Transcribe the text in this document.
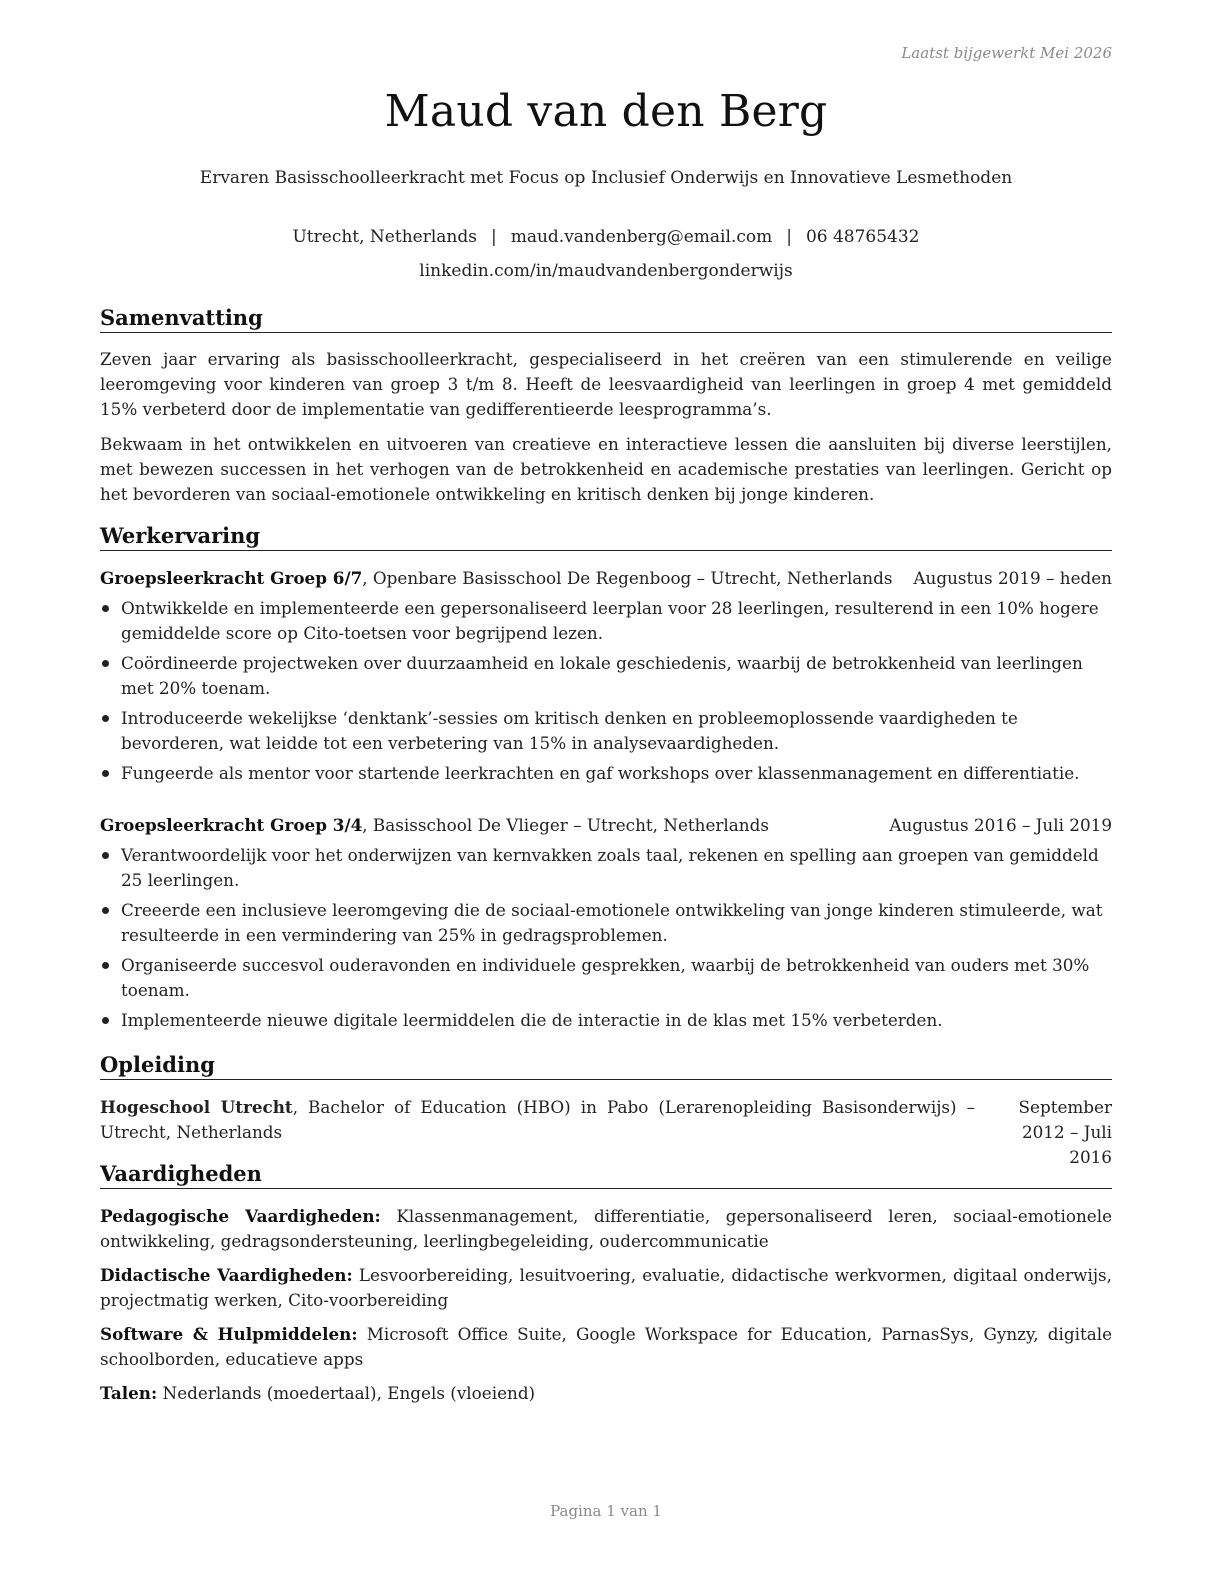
Laatst bijgewerkt Mei 2026
Maud van den Berg
Ervaren Basisschoolleerkracht met Focus op Inclusief Onderwijs en Innovatieve Lesmethoden
Utrecht, Netherlands | maud.vandenberg@email.com | 06 48765432
linkedin.com/in/maudvandenbergonderwijs
Samenvatting
Zeven jaar ervaring als basisschoolleerkracht, gespecialiseerd in het creëren van een stimulerende en veilige leeromgeving voor kinderen van groep 3 t/m 8. Heeft de leesvaardigheid van leerlingen in groep 4 met gemiddeld 15% verbeterd door de implementatie van gedifferentieerde leesprogramma’s.
Bekwaam in het ontwikkelen en uitvoeren van creatieve en interactieve lessen die aansluiten bij diverse leerstijlen, met bewezen successen in het verhogen van de betrokkenheid en academische prestaties van leerlingen. Gericht op het bevorderen van sociaal-emotionele ontwikkeling en kritisch denken bij jonge kinderen.
Werkervaring
Groepsleerkracht Groep 6/7, Openbare Basisschool De Regenboog – Utrecht, Netherlands Augustus 2019 – heden
Ontwikkelde en implementeerde een gepersonaliseerd leerplan voor 28 leerlingen, resulterend in een 10% hogere gemiddelde score op Cito-toetsen voor begrijpend lezen.
Coördineerde projectweken over duurzaamheid en lokale geschiedenis, waarbij de betrokkenheid van leerlingen met 20% toenam.
Introduceerde wekelijkse ‘denktank’-sessies om kritisch denken en probleemoplossende vaardigheden te bevorderen, wat leidde tot een verbetering van 15% in analysevaardigheden.
Fungeerde als mentor voor startende leerkrachten en gaf workshops over klassenmanagement en differentiatie.
Groepsleerkracht Groep 3/4, Basisschool De Vlieger – Utrecht, Netherlands	Augustus 2016 – Juli 2019
Verantwoordelijk voor het onderwijzen van kernvakken zoals taal, rekenen en spelling aan groepen van gemiddeld 25 leerlingen.
Creeerde een inclusieve leeromgeving die de sociaal-emotionele ontwikkeling van jonge kinderen stimuleerde, wat resulteerde in een vermindering van 25% in gedragsproblemen.
Organiseerde succesvol ouderavonden en individuele gesprekken, waarbij de betrokkenheid van ouders met 30% toenam.
Implementeerde nieuwe digitale leermiddelen die de interactie in de klas met 15% verbeterden.
Opleiding
Hogeschool Utrecht, Bachelor of Education (HBO) in Pabo (Lerarenopleiding Basisonderwijs) – Utrecht, Netherlands
September 2012 – Juli 2016
Vaardigheden
Pedagogische Vaardigheden: Klassenmanagement, differentiatie, gepersonaliseerd leren, sociaal-emotionele ontwikkeling, gedragsondersteuning, leerlingbegeleiding, oudercommunicatie
Didactische Vaardigheden: Lesvoorbereiding, lesuitvoering, evaluatie, didactische werkvormen, digitaal onderwijs, projectmatig werken, Cito-voorbereiding
Software & Hulpmiddelen: Microsoft Office Suite, Google Workspace for Education, ParnasSys, Gynzy, digitale schoolborden, educatieve apps
Talen: Nederlands (moedertaal), Engels (vloeiend)
Pagina 1 van 1
